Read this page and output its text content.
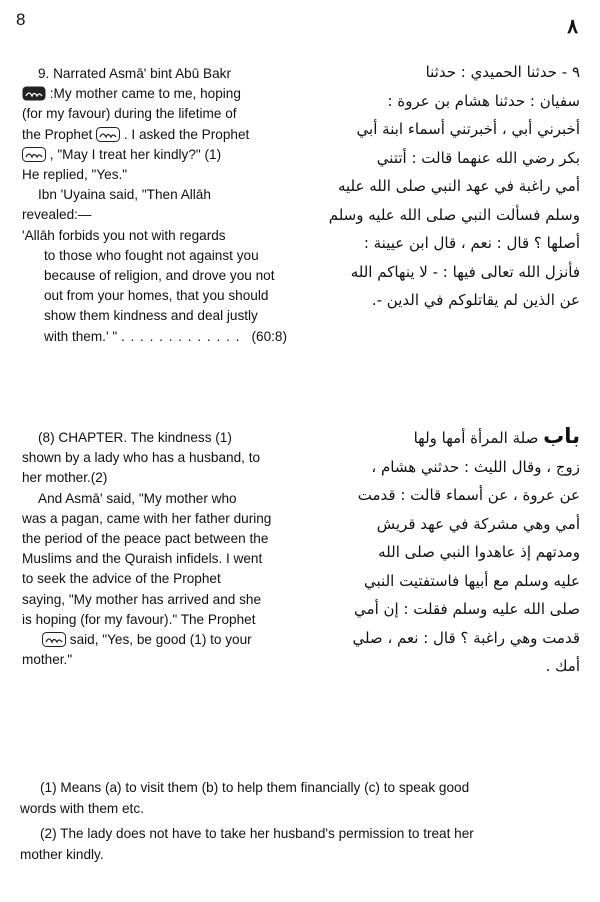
8	٨

9. Narrated Asmā' bint Abū Bakr

:My mother came to me, hoping

(for my favour) during the lifetime of

the Prophet
. I asked the Prophet

, "May I treat her kindly?" (1)

He replied, "Yes."

Ibn 'Uyaina said, "Then Allāh

revealed:—

'Allāh forbids you not with regards

to those who fought not against you

because of religion, and drove you not

out from your homes, that you should

show them kindness and deal justly

with them.' " . . . . . . . . . . . . . (60:8)

٩ - حدثنا الحميدي : حدثنا

سفيان : حدثنا هشام بن عروة :

أخبرني أبي ، أخبرتني أسماء ابنة أبي

بكر رضي الله عنهما قالت : أتتني

أمي راغبة في عهد النبي صلى الله عليه

وسلم فسألت النبي صلى الله عليه وسلم

أصلها ؟ قال : نعم ، قال ابن عيينة :

فأنزل الله تعالى فيها : - لا ينهاكم الله

عن الذين لم يقاتلوكم في الدين -.

(8) CHAPTER. The kindness (1)

shown by a lady who has a husband, to

her mother.(2)

And Asmā' said, "My mother who

was a pagan, came with her father during

the period of the peace pact between the

Muslims and the Quraish infidels. I went

to seek the advice of the Prophet

saying, "My mother has arrived and she

is hoping (for my favour)." The Prophet

said, "Yes, be good (1) to your

mother."

باب صلة المرأة أمها ولها

زوج ، وقال الليث : حدثني هشام ،

عن عروة ، عن أسماء قالت : قدمت

أمي وهي مشركة في عهد قريش

ومدتهم إذ عاهدوا النبي صلى الله

عليه وسلم مع أبيها فاستفتيت النبي

صلى الله عليه وسلم فقلت : إن أمي

قدمت وهي راغبة ؟ قال : نعم ، صلي

أمك .

(1) Means (a) to visit them (b) to help them financially (c) to speak good

words with them etc.

(2) The lady does not have to take her husband's permission to treat her

mother kindly.
